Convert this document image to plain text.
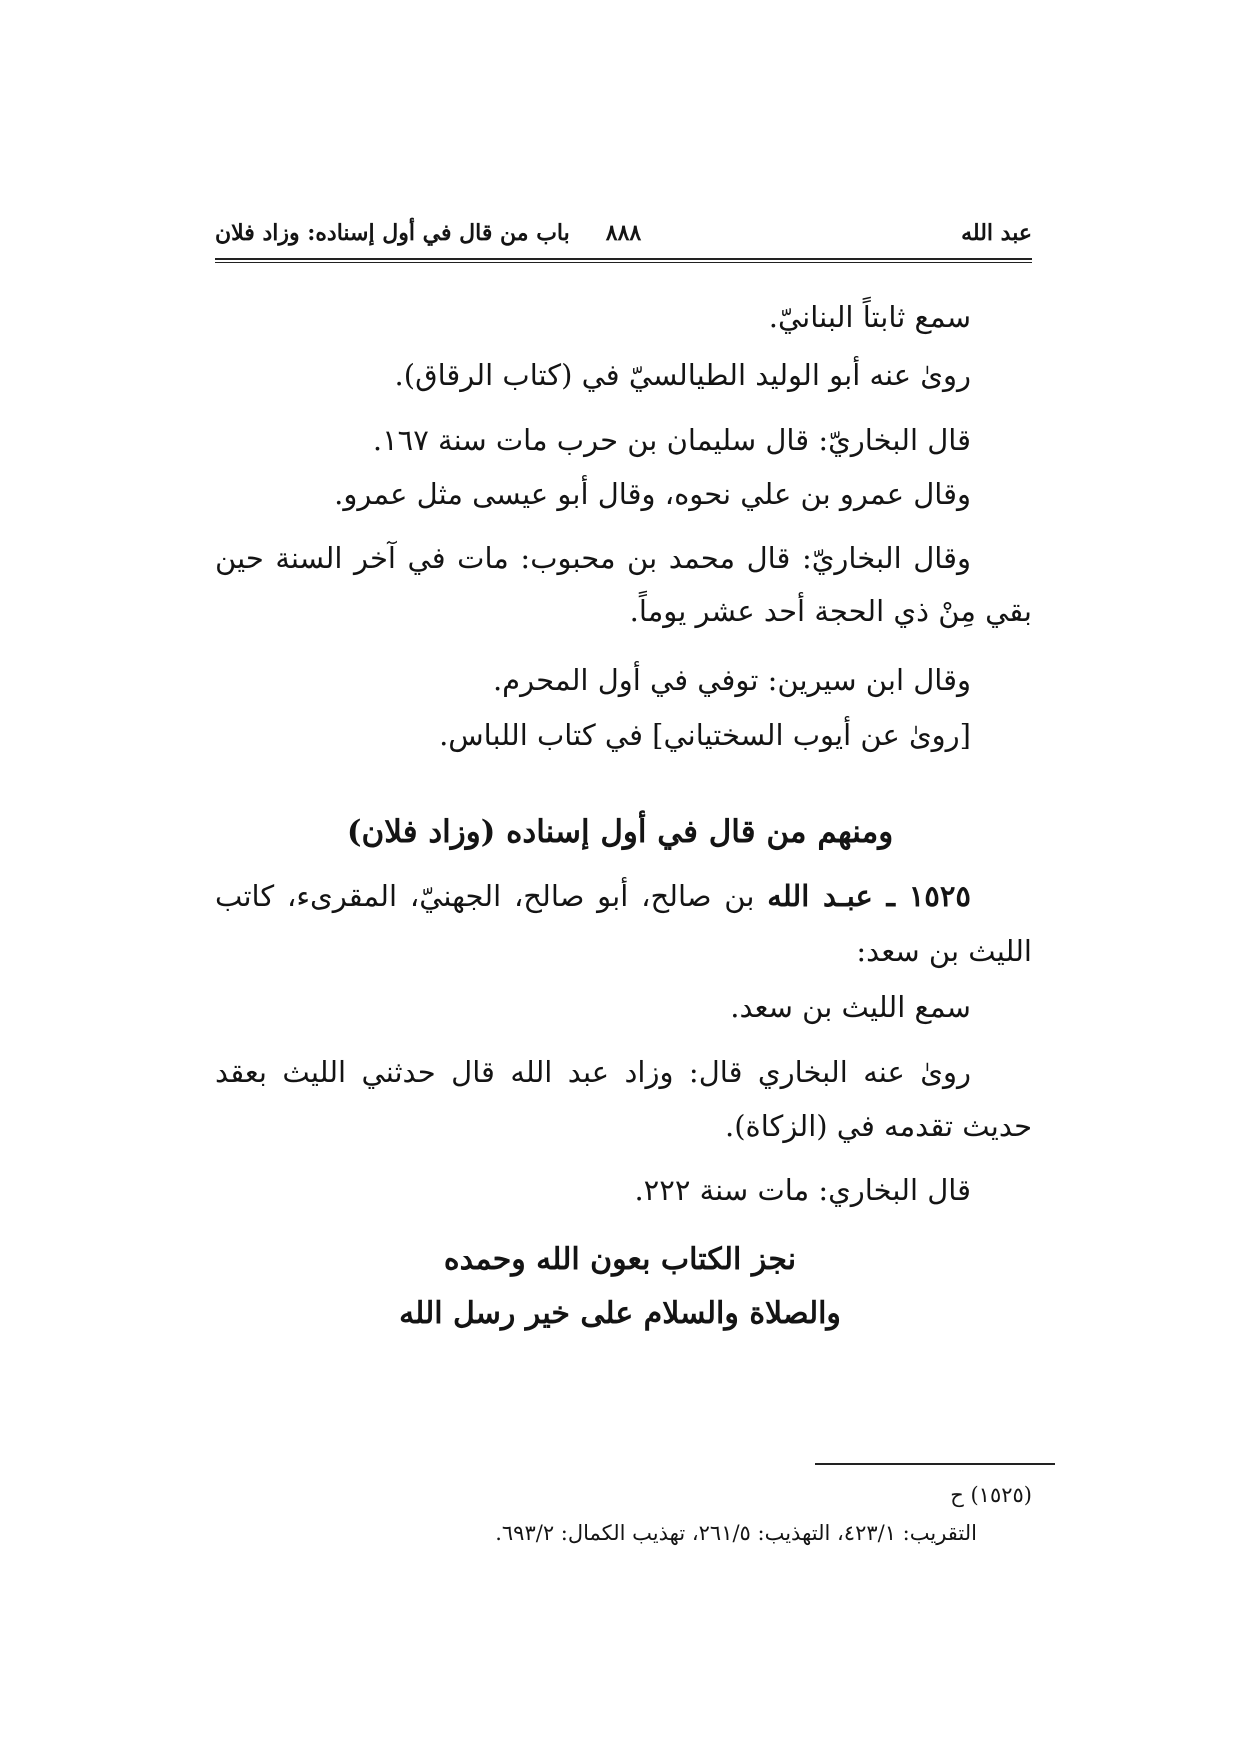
عبد الله
٨٨٨
باب من قال في أول إسناده: وزاد فلان
سمع ثابتاً البنانيّ.
روىٰ عنه أبو الوليد الطيالسيّ في (كتاب الرقاق).
قال البخاريّ: قال سليمان بن حرب مات سنة ١٦٧.
وقال عمرو بن علي نحوه، وقال أبو عيسى مثل عمرو.
وقال البخاريّ: قال محمد بن محبوب: مات في آخر السنة حين
بقي مِنْ ذي الحجة أحد عشر يوماً.
وقال ابن سيرين: توفي في أول المحرم.
[روىٰ عن أيوب السختياني] في كتاب اللباس.
ومنهم من قال في أول إسناده (وزاد فلان)
١٥٢٥ ـ عبـد الله بن صالح، أبو صالح، الجهنيّ، المقرىء، كاتب
الليث بن سعد:
سمع الليث بن سعد.
روىٰ عنه البخاري قال: وزاد عبد الله قال حدثني الليث بعقد
حديث تقدمه في (الزكاة).
قال البخاري: مات سنة ٢٢٢.
نجز الكتاب بعون الله وحمده
والصلاة والسلام على خير رسل الله
(١٥٢٥) ح
التقريب: ٤٢٣/١، التهذيب: ٢٦١/٥، تهذيب الكمال: ٦٩٣/٢.
